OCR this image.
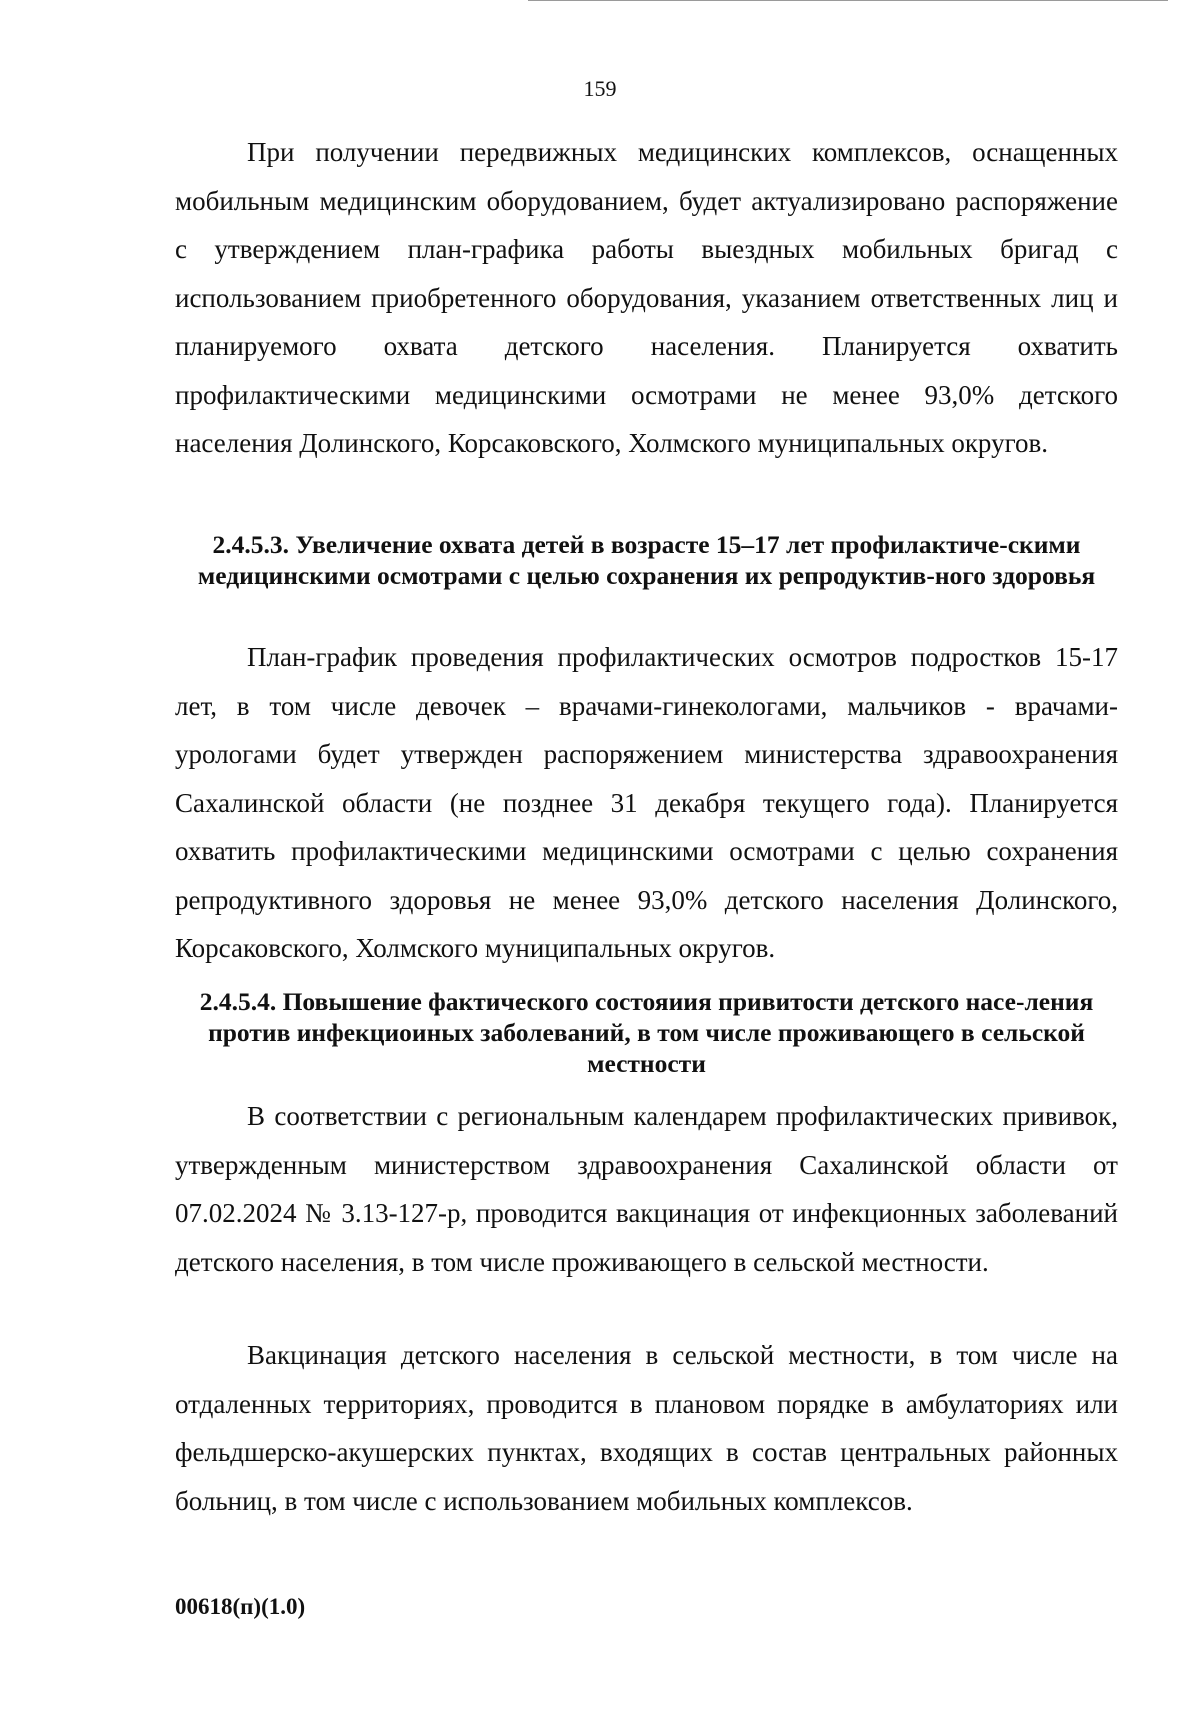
159

При получении передвижных медицинских комплексов, оснащенных мобильным медицинским оборудованием, будет актуализировано распоряжение с утверждением план-графика работы выездных мобильных бригад с использованием приобретенного оборудования, указанием ответственных лиц и планируемого охвата детского населения. Планируется охватить профилактическими медицинскими осмотрами не менее 93,0% детского населения Долинского, Корсаковского, Холмского муниципальных округов.

2.4.5.3. Увеличение охвата детей в возрасте 15–17 лет профилактиче-скими медицинскими осмотрами с целью сохранения их репродуктив-ного здоровья

План-график проведения профилактических осмотров подростков 15-17 лет, в том числе девочек – врачами-гинекологами, мальчиков - врачами-урологами будет утвержден распоряжением министерства здравоохранения Сахалинской области (не позднее 31 декабря текущего года). Планируется охватить профилактическими медицинскими осмотрами с целью сохранения репродуктивного здоровья не менее 93,0% детского населения Долинского, Корсаковского, Холмского муниципальных округов.

2.4.5.4. Повышение фактического состояиия привитости детского насе-ления против инфекциоиных заболеваний, в том числе проживающего в сельской местности

В соответствии с региональным календарем профилактических прививок, утвержденным министерством здравоохранения Сахалинской области от 07.02.2024 № 3.13-127-р, проводится вакцинация от инфекционных заболеваний детского населения, в том числе проживающего в сельской местности.

Вакцинация детского населения в сельской местности, в том числе на отдаленных территориях, проводится в плановом порядке в амбулаториях или фельдшерско-акушерских пунктах, входящих в состав центральных районных больниц, в том числе с использованием мобильных комплексов.

00618(п)(1.0)
